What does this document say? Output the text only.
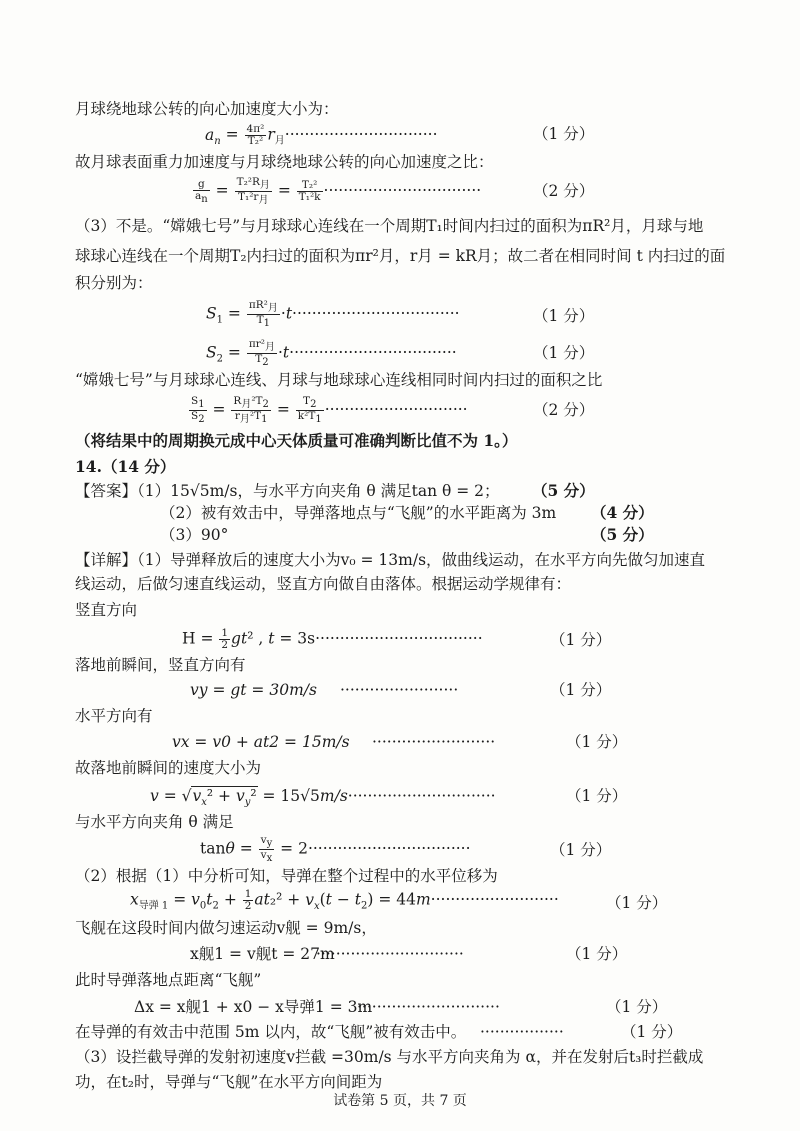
月球绕地球公转的向心加速度大小为：
$a_n = \frac{\text{4π²}}{\text{T₂²}} r_月\cdot\cdot\cdot\cdot\cdot\cdot\cdot\cdot\cdot\cdot\cdot\cdot\cdot\cdot\cdot\cdot\cdot\cdot\cdot\cdot\cdot\cdot\cdot\cdot\cdot\cdot\cdot\cdot\cdot\cdot\cdot$	（1 分）
故月球表面重力加速度与月球绕地球公转的向心加速度之比：
$\frac{g}{a_n} = T_2^2R_月$
$T_1^2r_月$
= $\frac{\text{T₂²}}{\text{T₁²k}}$ ································	（2 分）
（3）不是。“嫦娥七号”与月球球心连线在一个周期T₁时间内扫过的面积为πR²月，月球与地
球球心连线在一个周期T₂内扫过的面积为πr²月，r月 = kR月；故二者在相同时间 t 内扫过的面
积分别为：
$S_1 = \pi R^2_月$
$T_1$
·t··································	（1 分）
$S_2 = \pi r^2_月$
$T_2$
·t··································	（1 分）
“嫦娥七号”与月球球心连线、月球与地球球心连线相同时间内扫过的面积之比
$\frac{S_1}{S_2} = R_月^2T_2$
$r_月^2T_1$
= $\frac{T_2}{k^2T_1}$ ·····························	（2 分）
（将结果中的周期换元成中心天体质量可准确判断比值不为 1。）
14.（14 分）
【答案】（1）15√5m/s，与水平方向夹角 θ 满足tan θ = 2； （5 分）
（2）被有效击中，导弹落地点与“飞舰”的水平距离为 3m （4 分）
（3）90°	（5 分）
【详解】（1）导弹释放后的速度大小为v₀ = 13m/s，做曲线运动，在水平方向先做匀加速直
线运动，后做匀速直线运动，竖直方向做自由落体。根据运动学规律有：
竖直方向
$H = \frac{1}{2} gt^2$ , t = 3s··································	（1 分）
落地前瞬间，竖直方向有
vy = gt = 30m/s ························	（1 分）
水平方向有
vx = v0 + at2 = 15m/s ·························	（1 分）
故落地前瞬间的速度大小为
$v = √v_x^2 + v_y^2 = 15√5m/s\cdot\cdot\cdot\cdot\cdot\cdot\cdot\cdot\cdot\cdot\cdot\cdot\cdot\cdot\cdot\cdot\cdot\cdot\cdot\cdot\cdot\cdot\cdot\cdot\cdot\cdot\cdot\cdot\cdot\cdot$	（1 分）
与水平方向夹角 θ 满足
$\tan\theta = \frac{v_y}{v_x} = 2\cdot\cdot\cdot\cdot\cdot\cdot\cdot\cdot\cdot\cdot\cdot\cdot\cdot\cdot\cdot\cdot\cdot\cdot\cdot\cdot\cdot\cdot\cdot\cdot\cdot\cdot\cdot\cdot\cdot\cdot\cdot\cdot\cdot$	（1 分）
（2）根据（1）中分析可知，导弹在整个过程中的水平位移为
$x_{导弹 1} = v_0t_2 + \frac{1}{2} at_2^2 + v_x(t - t_2) = 44m\cdot\cdot\cdot\cdot\cdot\cdot\cdot\cdot\cdot\cdot\cdot\cdot\cdot\cdot\cdot\cdot\cdot\cdot\cdot\cdot\cdot\cdot\cdot\cdot\cdot\cdot$	（1 分）
飞舰在这段时间内做匀速运动v舰 = 9m/s，
x舰1 = v舰t = 27m
······························	（1 分）
此时导弹落地点距离“飞舰”
Δx = x舰1 + x0 − x导弹1 = 3m
·····························	（1 分）
在导弹的有效击中范围 5m 以内，故“飞舰”被有效击中。 ·················	（1 分）
（3）设拦截导弹的发射初速度v拦截 =30m/s 与水平方向夹角为 α，并在发射后t₃时拦截成
功，在t₂时，导弹与“飞舰”在水平方向间距为
试卷第 5 页，共 7 页
